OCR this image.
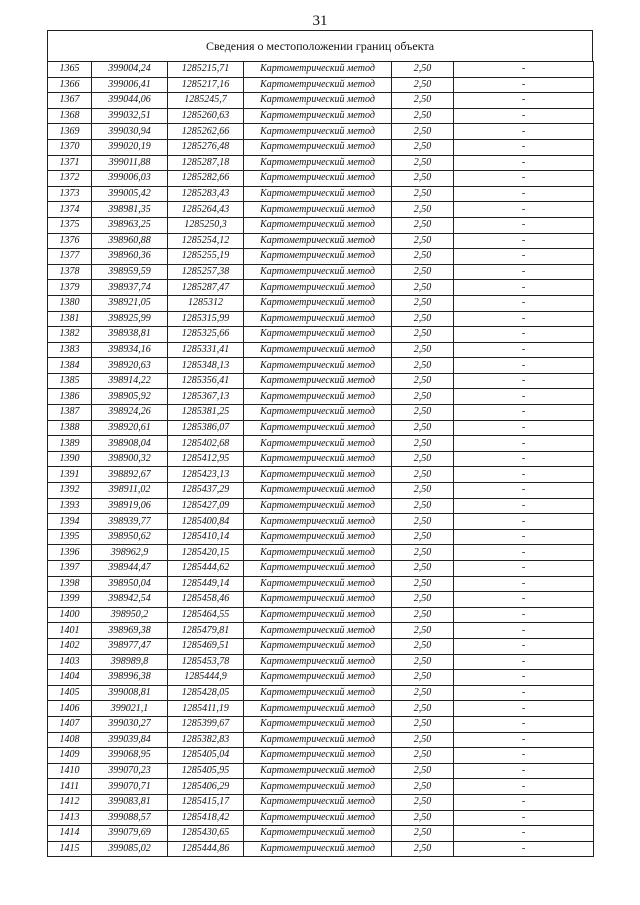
31
Сведения о местоположении границ объекта
1365	399004,24	1285215,71	Картометрический метод	2,50	-
1366	399006,41	1285217,16	Картометрический метод	2,50	-
1367	399044,06	1285245,7	Картометрический метод	2,50	-
1368	399032,51	1285260,63	Картометрический метод	2,50	-
1369	399030,94	1285262,66	Картометрический метод	2,50	-
1370	399020,19	1285276,48	Картометрический метод	2,50	-
1371	399011,88	1285287,18	Картометрический метод	2,50	-
1372	399006,03	1285282,66	Картометрический метод	2,50	-
1373	399005,42	1285283,43	Картометрический метод	2,50	-
1374	398981,35	1285264,43	Картометрический метод	2,50	-
1375	398963,25	1285250,3	Картометрический метод	2,50	-
1376	398960,88	1285254,12	Картометрический метод	2,50	-
1377	398960,36	1285255,19	Картометрический метод	2,50	-
1378	398959,59	1285257,38	Картометрический метод	2,50	-
1379	398937,74	1285287,47	Картометрический метод	2,50	-
1380	398921,05	1285312	Картометрический метод	2,50	-
1381	398925,99	1285315,99	Картометрический метод	2,50	-
1382	398938,81	1285325,66	Картометрический метод	2,50	-
1383	398934,16	1285331,41	Картометрический метод	2,50	-
1384	398920,63	1285348,13	Картометрический метод	2,50	-
1385	398914,22	1285356,41	Картометрический метод	2,50	-
1386	398905,92	1285367,13	Картометрический метод	2,50	-
1387	398924,26	1285381,25	Картометрический метод	2,50	-
1388	398920,61	1285386,07	Картометрический метод	2,50	-
1389	398908,04	1285402,68	Картометрический метод	2,50	-
1390	398900,32	1285412,95	Картометрический метод	2,50	-
1391	398892,67	1285423,13	Картометрический метод	2,50	-
1392	398911,02	1285437,29	Картометрический метод	2,50	-
1393	398919,06	1285427,09	Картометрический метод	2,50	-
1394	398939,77	1285400,84	Картометрический метод	2,50	-
1395	398950,62	1285410,14	Картометрический метод	2,50	-
1396	398962,9	1285420,15	Картометрический метод	2,50	-
1397	398944,47	1285444,62	Картометрический метод	2,50	-
1398	398950,04	1285449,14	Картометрический метод	2,50	-
1399	398942,54	1285458,46	Картометрический метод	2,50	-
1400	398950,2	1285464,55	Картометрический метод	2,50	-
1401	398969,38	1285479,81	Картометрический метод	2,50	-
1402	398977,47	1285469,51	Картометрический метод	2,50	-
1403	398989,8	1285453,78	Картометрический метод	2,50	-
1404	398996,38	1285444,9	Картометрический метод	2,50	-
1405	399008,81	1285428,05	Картометрический метод	2,50	-
1406	399021,1	1285411,19	Картометрический метод	2,50	-
1407	399030,27	1285399,67	Картометрический метод	2,50	-
1408	399039,84	1285382,83	Картометрический метод	2,50	-
1409	399068,95	1285405,04	Картометрический метод	2,50	-
1410	399070,23	1285405,95	Картометрический метод	2,50	-
1411	399070,71	1285406,29	Картометрический метод	2,50	-
1412	399083,81	1285415,17	Картометрический метод	2,50	-
1413	399088,57	1285418,42	Картометрический метод	2,50	-
1414	399079,69	1285430,65	Картометрический метод	2,50	-
1415	399085,02	1285444,86	Картометрический метод	2,50	-
